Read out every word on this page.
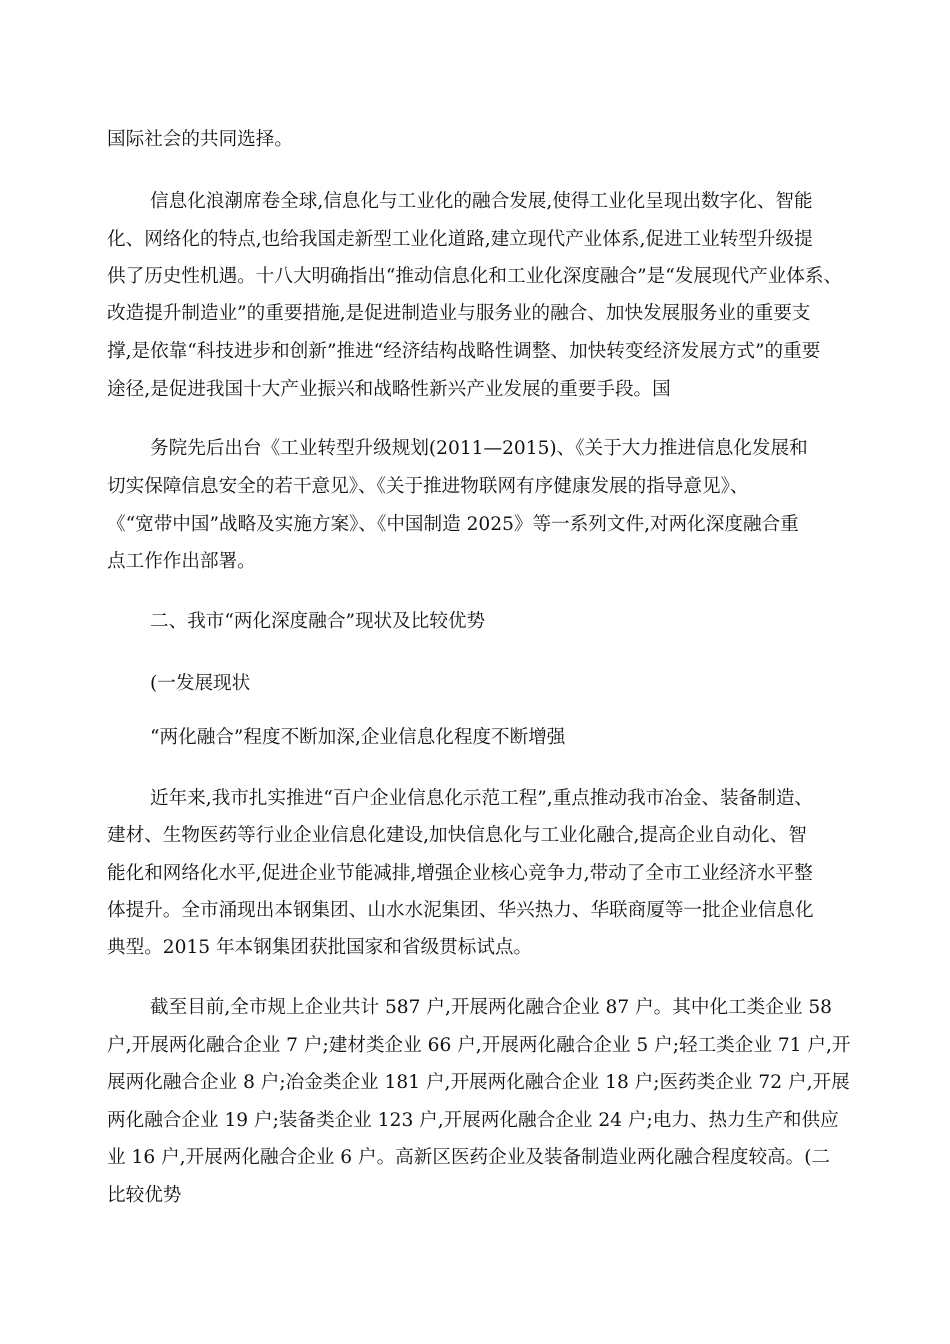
国际社会的共同选择。
信息化浪潮席卷全球,信息化与工业化的融合发展,使得工业化呈现出数字化、智能
化、网络化的特点,也给我国走新型工业化道路,建立现代产业体系,促进工业转型升级提
供了历史性机遇。十八大明确指出“推动信息化和工业化深度融合”是“发展现代产业体系、
改造提升制造业”的重要措施,是促进制造业与服务业的融合、加快发展服务业的重要支
撑,是依靠“科技进步和创新”推进“经济结构战略性调整、加快转变经济发展方式”的重要
途径,是促进我国十大产业振兴和战略性新兴产业发展的重要手段。国
务院先后出台《工业转型升级规划(2011—2015)、《关于大力推进信息化发展和
切实保障信息安全的若干意见》、《关于推进物联网有序健康发展的指导意见》、
《“宽带中国”战略及实施方案》、《中国制造 2025》等一系列文件,对两化深度融合重
点工作作出部署。
二、我市“两化深度融合”现状及比较优势
(一发展现状
“两化融合”程度不断加深,企业信息化程度不断增强
近年来,我市扎实推进“百户企业信息化示范工程”,重点推动我市冶金、装备制造、
建材、生物医药等行业企业信息化建设,加快信息化与工业化融合,提高企业自动化、智
能化和网络化水平,促进企业节能减排,增强企业核心竞争力,带动了全市工业经济水平整
体提升。全市涌现出本钢集团、山水水泥集团、华兴热力、华联商厦等一批企业信息化
典型。2015 年本钢集团获批国家和省级贯标试点。
截至目前,全市规上企业共计 587 户,开展两化融合企业 87 户。其中化工类企业 58
户,开展两化融合企业 7 户;建材类企业 66 户,开展两化融合企业 5 户;轻工类企业 71 户,开
展两化融合企业 8 户;冶金类企业 181 户,开展两化融合企业 18 户;医药类企业 72 户,开展
两化融合企业 19 户;装备类企业 123 户,开展两化融合企业 24 户;电力、热力生产和供应
业 16 户,开展两化融合企业 6 户。高新区医药企业及装备制造业两化融合程度较高。(二
比较优势
